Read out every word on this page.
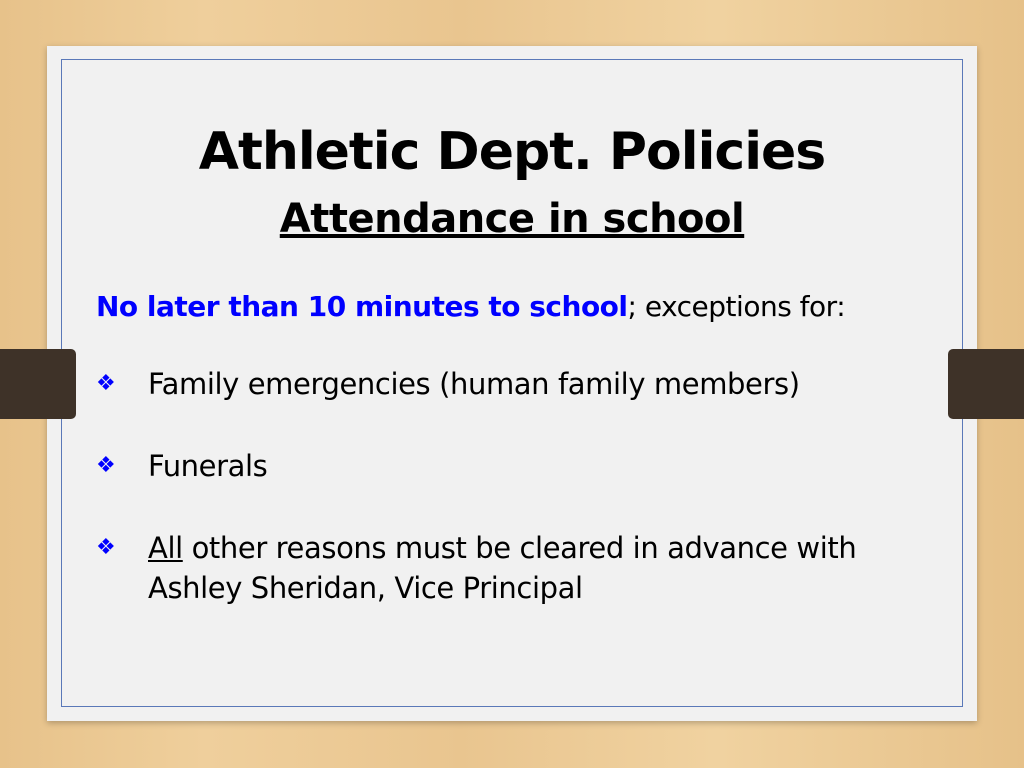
Athletic Dept. Policies
Attendance in school
No later than 10 minutes to school; exceptions for:
❖ Family emergencies (human family members)
❖ Funerals
❖ All other reasons must be cleared in advance with
Ashley Sheridan, Vice Principal
